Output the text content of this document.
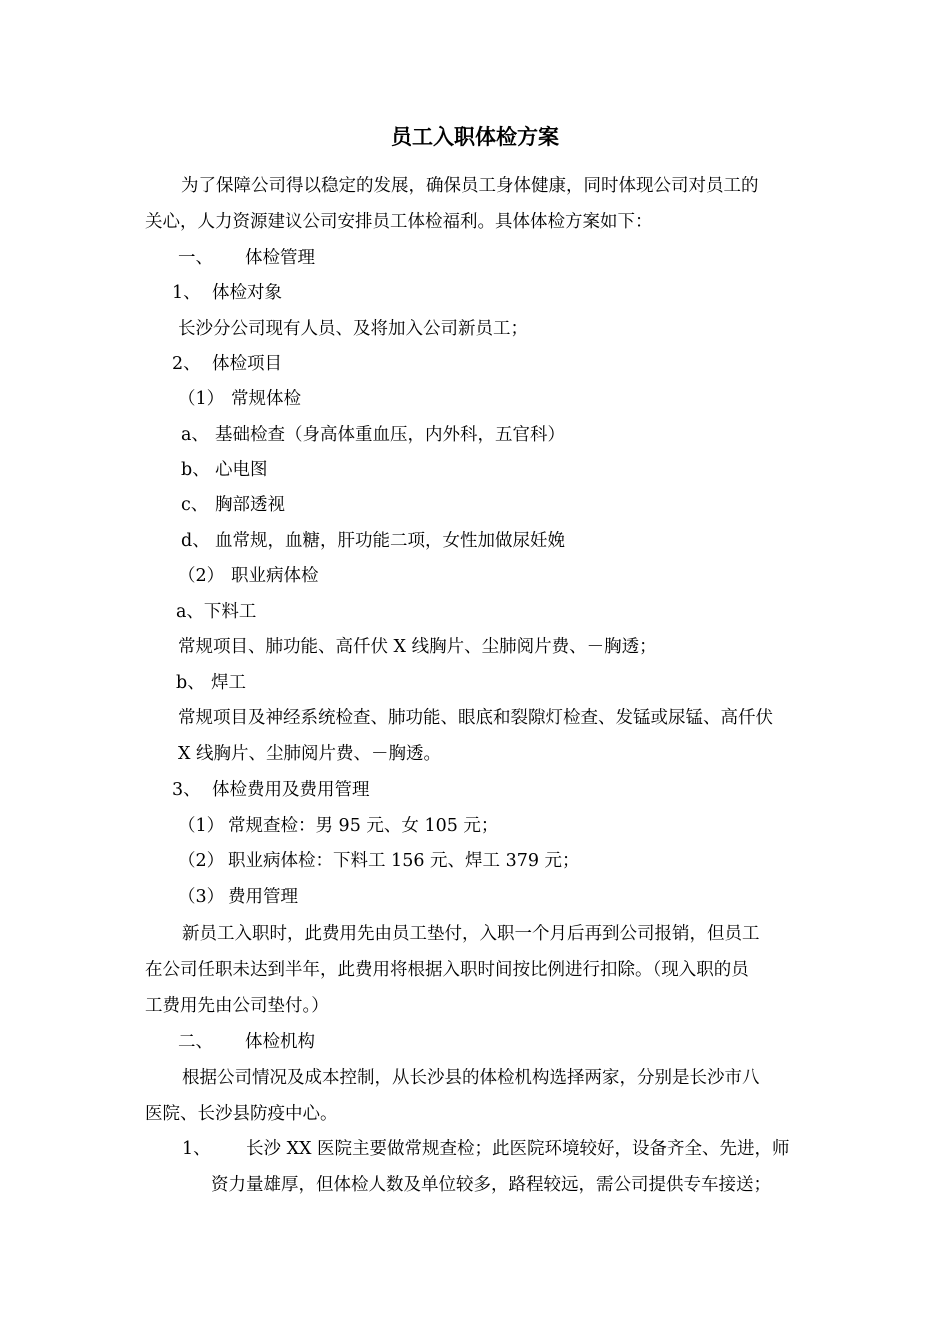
员工入职体检方案
为了保障公司得以稳定的发展，确保员工身体健康，同时体现公司对员工的
关心，人力资源建议公司安排员工体检福利。具体体检方案如下：
一、 体检管理
1、 体检对象
长沙分公司现有人员、及将加入公司新员工；
2、 体检项目
（1） 常规体检
a、 基础检查（身高体重血压，内外科，五官科）
b、 心电图
c、 胸部透视
d、 血常规，血糖，肝功能二项，女性加做尿妊娩
（2） 职业病体检
a、下料工
常规项目、肺功能、高仟伏 X 线胸片、尘肺阅片费、－胸透；
b、 焊工
常规项目及神经系统检查、肺功能、眼底和裂隙灯检查、发锰或尿锰、高仟伏
X 线胸片、尘肺阅片费、－胸透。
3、 体检费用及费用管理
（1） 常规查检：男 95 元、女 105 元；
（2） 职业病体检：下料工 156 元、焊工 379 元；
（3） 费用管理
新员工入职时，此费用先由员工垫付，入职一个月后再到公司报销，但员工
在公司任职未达到半年，此费用将根据入职时间按比例进行扣除。（现入职的员
工费用先由公司垫付。）
二、 体检机构
根据公司情况及成本控制，从长沙县的体检机构选择两家，分别是长沙市八
医院、长沙县防疫中心。
1、 长沙 XX 医院主要做常规查检；此医院环境较好，设备齐全、先进，师
资力量雄厚，但体检人数及单位较多，路程较远，需公司提供专车接送；
